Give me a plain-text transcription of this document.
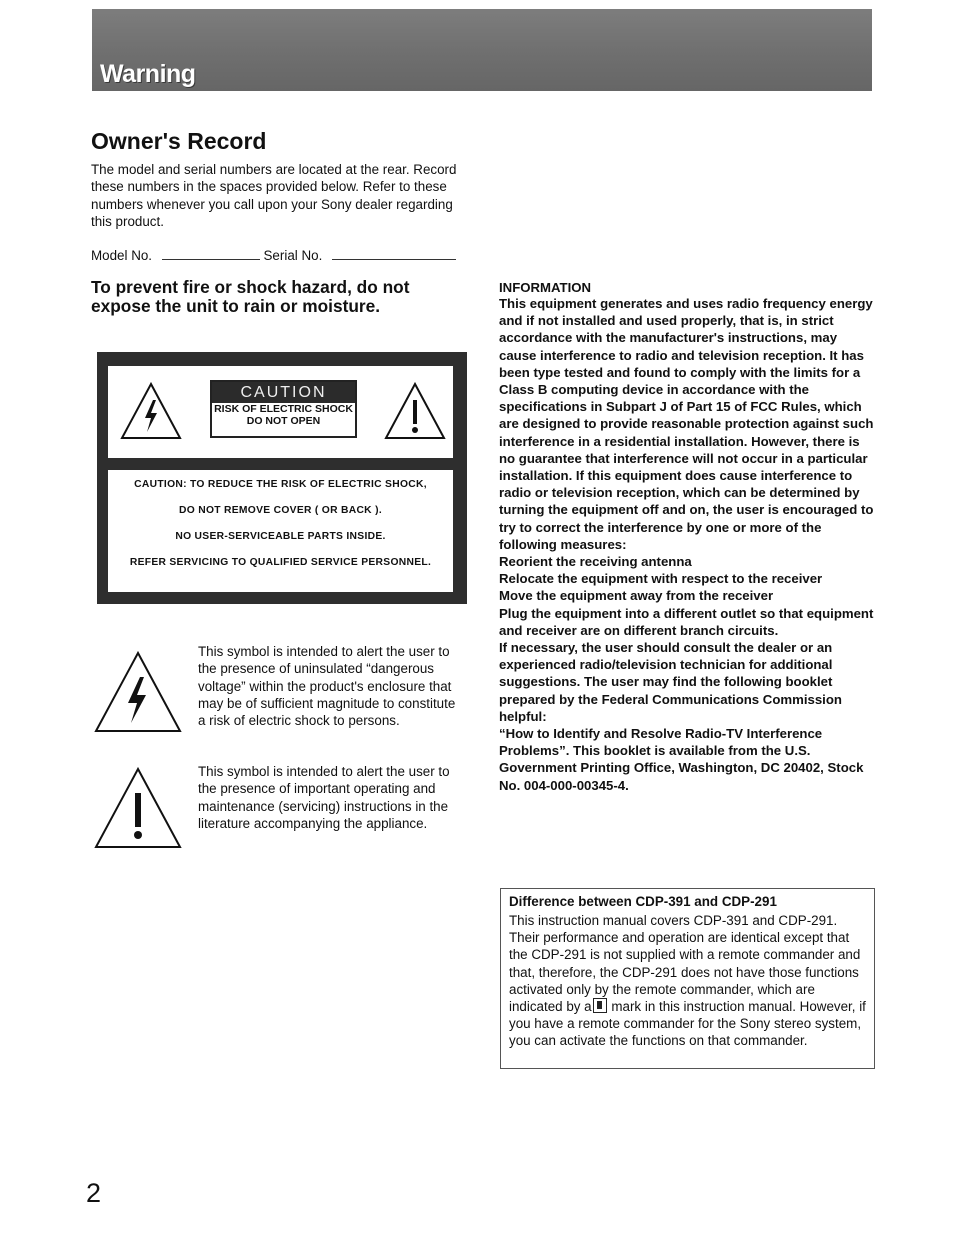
Warning
Owner's Record
The model and serial numbers are located at the rear. Record these numbers in the spaces provided below. Refer to these numbers whenever you call upon your Sony dealer regarding this product.
Model No.	Serial No.
To prevent fire or shock hazard, do not expose the unit to rain or moisture.
CAUTION
RISK OF ELECTRIC SHOCK
DO NOT OPEN
CAUTION: TO REDUCE THE RISK OF ELECTRIC SHOCK,
DO NOT REMOVE COVER ( OR BACK ).
NO USER-SERVICEABLE PARTS INSIDE.
REFER SERVICING TO QUALIFIED SERVICE PERSONNEL.
This symbol is intended to alert the user to the presence of uninsulated “dangerous voltage” within the product's enclosure that may be of sufficient magnitude to constitute a risk of electric shock to persons.
This symbol is intended to alert the user to the presence of important operating and maintenance (servicing) instructions in the literature accompanying the appliance.
INFORMATION

This equipment generates and uses radio frequency energy and if not installed and used properly, that is, in strict accordance with the manufacturer's instructions, may cause interference to radio and television reception. It has been type tested and found to comply with the limits for a Class B computing device in accordance with the specifications in Subpart J of Part 15 of FCC Rules, which are designed to provide reasonable protection against such interference in a residential installation. However, there is no guarantee that interference will not occur in a particular installation. If this equipment does cause interference to radio or television reception, which can be determined by turning the equipment off and on, the user is encouraged to try to correct the interference by one or more of the following measures:

Reorient the receiving antenna

Relocate the equipment with respect to the receiver

Move the equipment away from the receiver

Plug the equipment into a different outlet so that equipment and receiver are on different branch circuits.

If necessary, the user should consult the dealer or an experienced radio/television technician for additional suggestions. The user may find the following booklet prepared by the Federal Communications Commission helpful:

“How to Identify and Resolve Radio-TV Interference Problems”. This booklet is available from the U.S. Government Printing Office, Washington, DC 20402, Stock No. 004-000-00345-4.

Difference between CDP-391 and CDP-291
This instruction manual covers CDP-391 and CDP-291. Their performance and operation are identical except that the CDP-291 is not supplied with a remote commander and that, therefore, the CDP-291 does not have those functions activated only by the remote commander, which are indicated by a mark in this instruction manual. However, if you have a remote commander for the Sony stereo system, you can activate the functions on that commander.
2
